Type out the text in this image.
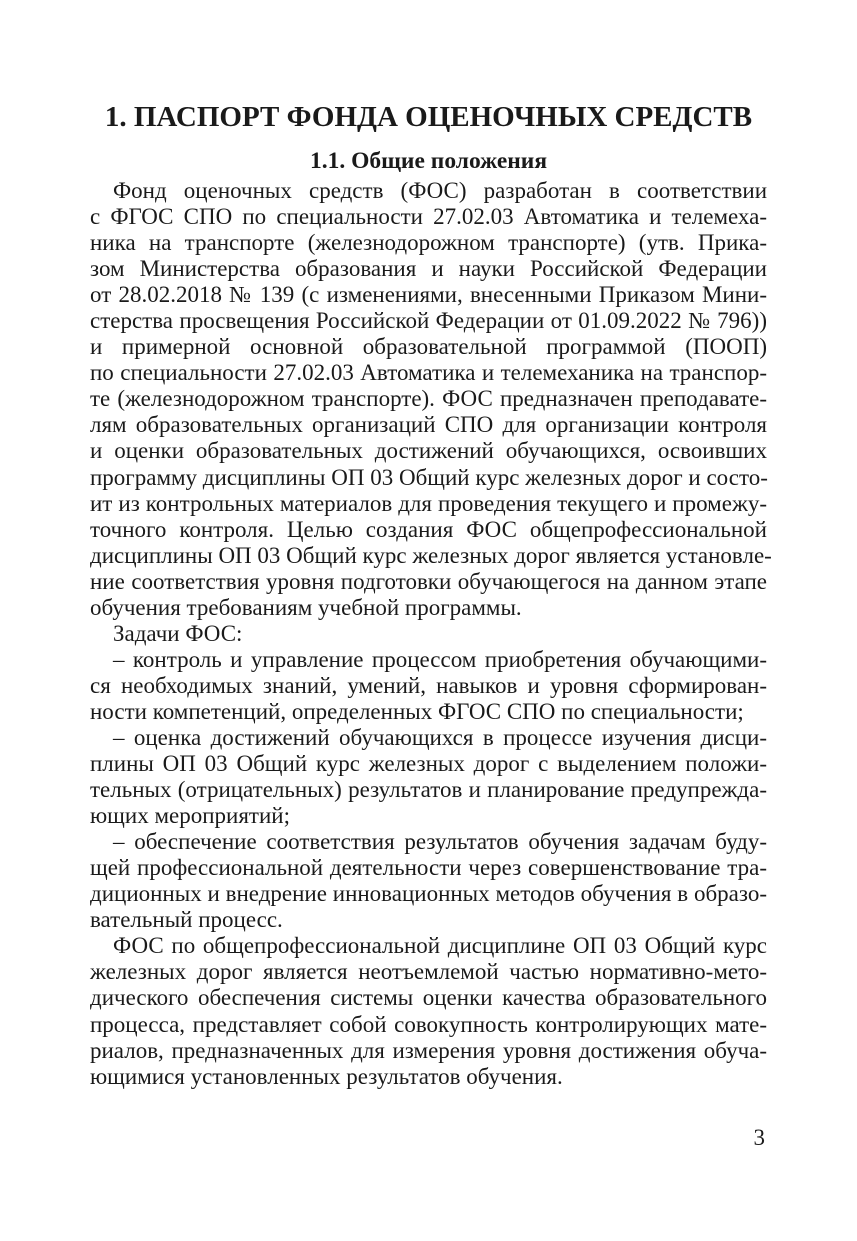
1. ПАСПОРТ ФОНДА ОЦЕНОЧНЫХ СРЕДСТВ
1.1. Общие положения
Фонд оценочных средств (ФОС) разработан в соответствии
с ФГОС СПО по специальности 27.02.03 Автоматика и телемеха-
ника на транспорте (железнодорожном транспорте) (утв. Прика-
зом Министерства образования и науки Российской Федерации
от 28.02.2018 № 139 (с изменениями, внесенными Приказом Мини-
стерства просвещения Российской Федерации от 01.09.2022 № 796))
и примерной основной образовательной программой (ПООП)
по специальности 27.02.03 Автоматика и телемеханика на транспор-
те (железнодорожном транспорте). ФОС предназначен преподавате-
лям образовательных организаций СПО для организации контроля
и оценки образовательных достижений обучающихся, освоивших
программу дисциплины ОП 03 Общий курс железных дорог и состо-
ит из контрольных материалов для проведения текущего и промежу-
точного контроля. Целью создания ФОС общепрофессиональной
дисциплины ОП 03 Общий курс железных дорог является установле-
ние соответствия уровня подготовки обучающегося на данном этапе
обучения требованиям учебной программы.
Задачи ФОС:
– контроль и управление процессом приобретения обучающими-
ся необходимых знаний, умений, навыков и уровня сформирован-
ности компетенций, определенных ФГОС СПО по специальности;
– оценка достижений обучающихся в процессе изучения дисци-
плины ОП 03 Общий курс железных дорог с выделением положи-
тельных (отрицательных) результатов и планирование предупрежда-
ющих мероприятий;
– обеспечение соответствия результатов обучения задачам буду-
щей профессиональной деятельности через совершенствование тра-
диционных и внедрение инновационных методов обучения в образо-
вательный процесс.
ФОС по общепрофессиональной дисциплине ОП 03 Общий курс
железных дорог является неотъемлемой частью нормативно-мето-
дического обеспечения системы оценки качества образовательного
процесса, представляет собой совокупность контролирующих мате-
риалов, предназначенных для измерения уровня достижения обуча-
ющимися установленных результатов обучения.
3
